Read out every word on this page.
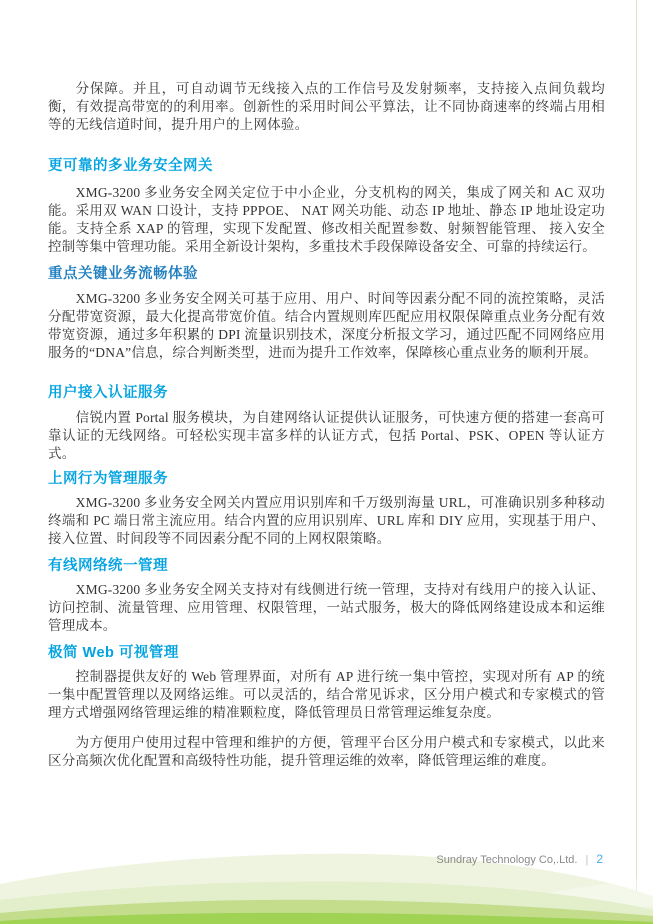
分保障。并且，可自动调节无线接入点的工作信号及发射频率，支持接入点间负载均衡，有效提高带宽的的利用率。创新性的采用时间公平算法，让不同协商速率的终端占用相等的无线信道时间，提升用户的上网体验。

更可靠的多业务安全网关

XMG-3200 多业务安全网关定位于中小企业，分支机构的网关，集成了网关和 AC 双功能。采用双 WAN 口设计，支持 PPPOE、 NAT 网关功能、动态 IP 地址、静态 IP 地址设定功能。支持全系 XAP 的管理，实现下发配置、修改相关配置参数、射频智能管理、 接入安全控制等集中管理功能。采用全新设计架构，多重技术手段保障设备安全、可靠的持续运行。

重点关键业务流畅体验

XMG-3200 多业务安全网关可基于应用、用户、时间等因素分配不同的流控策略，灵活分配带宽资源，最大化提高带宽价值。结合内置规则库匹配应用权限保障重点业务分配有效带宽资源，通过多年积累的 DPI 流量识别技术，深度分析报文学习，通过匹配不同网络应用服务的“DNA”信息，综合判断类型，进而为提升工作效率，保障核心重点业务的顺利开展。

用户接入认证服务

信锐内置 Portal 服务模块，为自建网络认证提供认证服务，可快速方便的搭建一套高可靠认证的无线网络。可轻松实现丰富多样的认证方式，包括 Portal、PSK、OPEN 等认证方式。

上网行为管理服务

XMG-3200 多业务安全网关内置应用识别库和千万级别海量 URL，可准确识别多种移动终端和 PC 端日常主流应用。结合内置的应用识别库、URL 库和 DIY 应用，实现基于用户、接入位置、时间段等不同因素分配不同的上网权限策略。

有线网络统一管理

XMG-3200 多业务安全网关支持对有线侧进行统一管理，支持对有线用户的接入认证、访问控制、流量管理、应用管理、权限管理，一站式服务，极大的降低网络建设成本和运维管理成本。

极简 Web 可视管理

控制器提供友好的 Web 管理界面，对所有 AP 进行统一集中管控，实现对所有 AP 的统一集中配置管理以及网络运维。可以灵活的，结合常见诉求，区分用户模式和专家模式的管理方式增强网络管理运维的精准颗粒度，降低管理员日常管理运维复杂度。

为方便用户使用过程中管理和维护的方便，管理平台区分用户模式和专家模式，以此来区分高频次优化配置和高级特性功能，提升管理运维的效率，降低管理运维的难度。

Sundray Technology Co,.Ltd. | 2
